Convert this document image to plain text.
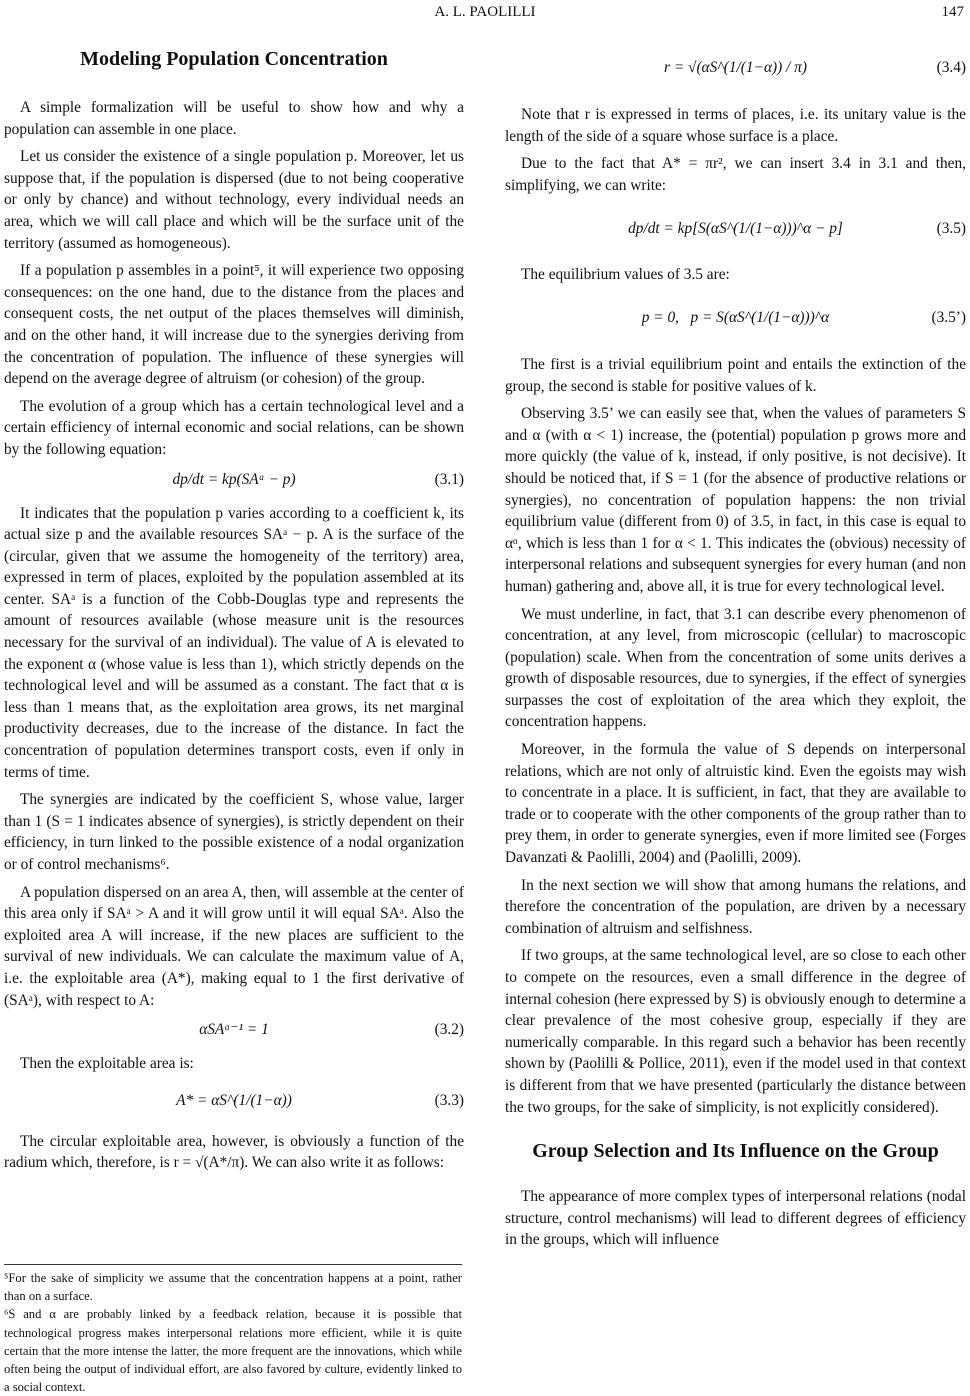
A. L. PAOLILLI	147
Modeling Population Concentration

A simple formalization will be useful to show how and why a population can assemble in one place.

Let us consider the existence of a single population p. Moreover, let us suppose that, if the population is dispersed (due to not being cooperative or only by chance) and without technology, every individual needs an area, which we will call place and which will be the surface unit of the territory (assumed as homogeneous).

If a population p assembles in a point⁵, it will experience two opposing consequences: on the one hand, due to the distance from the places and consequent costs, the net output of the places themselves will diminish, and on the other hand, it will increase due to the synergies deriving from the concentration of population. The influence of these synergies will depend on the average degree of altruism (or cohesion) of the group.

The evolution of a group which has a certain technological level and a certain efficiency of internal economic and social relations, can be shown by the following equation:

dp/dt = kp(SAᵃ − p)	(3.1)

It indicates that the population p varies according to a coefficient k, its actual size p and the available resources SAᵃ − p. A is the surface of the (circular, given that we assume the homogeneity of the territory) area, expressed in term of places, exploited by the population assembled at its center. SAᵃ is a function of the Cobb-Douglas type and represents the amount of resources available (whose measure unit is the resources necessary for the survival of an individual). The value of A is elevated to the exponent α (whose value is less than 1), which strictly depends on the technological level and will be assumed as a constant. The fact that α is less than 1 means that, as the exploitation area grows, its net marginal productivity decreases, due to the increase of the distance. In fact the concentration of population determines transport costs, even if only in terms of time.

The synergies are indicated by the coefficient S, whose value, larger than 1 (S = 1 indicates absence of synergies), is strictly dependent on their efficiency, in turn linked to the possible existence of a nodal organization or of control mechanisms⁶.

A population dispersed on an area A, then, will assemble at the center of this area only if SAᵃ > A and it will grow until it will equal SAᵃ. Also the exploited area A will increase, if the new places are sufficient to the survival of new individuals. We can calculate the maximum value of A, i.e. the exploitable area (A*), making equal to 1 the first derivative of (SAᵃ), with respect to A:

αSAᵅ⁻¹ = 1	(3.2)

Then the exploitable area is:

A* = αS^(1/(1−α))	(3.3)

The circular exploitable area, however, is obviously a function of the radium which, therefore, is r = √(A*/π). We can also write it as follows:

⁵For the sake of simplicity we assume that the concentration happens at a point, rather than on a surface.

⁶S and α are probably linked by a feedback relation, because it is possible that technological progress makes interpersonal relations more efficient, while it is quite certain that the more intense the latter, the more frequent are the innovations, which while often being the output of individual effort, are also favored by culture, evidently linked to a social context.

r = √(αS^(1/(1−α)) / π)	(3.4)

Note that r is expressed in terms of places, i.e. its unitary value is the length of the side of a square whose surface is a place.

Due to the fact that A* = πr², we can insert 3.4 in 3.1 and then, simplifying, we can write:

dp/dt = kp[S(αS^(1/(1−α)))^α − p]	(3.5)

The equilibrium values of 3.5 are:

p = 0 , p = S(αS^(1/(1−α)))^α	(3.5’)

The first is a trivial equilibrium point and entails the extinction of the group, the second is stable for positive values of k.

Observing 3.5’ we can easily see that, when the values of parameters S and α (with α < 1) increase, the (potential) population p grows more and more quickly (the value of k, instead, if only positive, is not decisive). It should be noticed that, if S = 1 (for the absence of productive relations or synergies), no concentration of population happens: the non trivial equilibrium value (different from 0) of 3.5, in fact, in this case is equal to αᵅ, which is less than 1 for α < 1. This indicates the (obvious) necessity of interpersonal relations and subsequent synergies for every human (and non human) gathering and, above all, it is true for every technological level.

We must underline, in fact, that 3.1 can describe every phenomenon of concentration, at any level, from microscopic (cellular) to macroscopic (population) scale. When from the concentration of some units derives a growth of disposable resources, due to synergies, if the effect of synergies surpasses the cost of exploitation of the area which they exploit, the concentration happens.

Moreover, in the formula the value of S depends on interpersonal relations, which are not only of altruistic kind. Even the egoists may wish to concentrate in a place. It is sufficient, in fact, that they are available to trade or to cooperate with the other components of the group rather than to prey them, in order to generate synergies, even if more limited see (Forges Davanzati & Paolilli, 2004) and (Paolilli, 2009).

In the next section we will show that among humans the relations, and therefore the concentration of the population, are driven by a necessary combination of altruism and selfishness.

If two groups, at the same technological level, are so close to each other to compete on the resources, even a small difference in the degree of internal cohesion (here expressed by S) is obviously enough to determine a clear prevalence of the most cohesive group, especially if they are numerically comparable. In this regard such a behavior has been recently shown by (Paolilli & Pollice, 2011), even if the model used in that context is different from that we have presented (particularly the distance between the two groups, for the sake of simplicity, is not explicitly considered).

Group Selection and Its Influence on the Group

The appearance of more complex types of interpersonal relations (nodal structure, control mechanisms) will lead to different degrees of efficiency in the groups, which will influence
